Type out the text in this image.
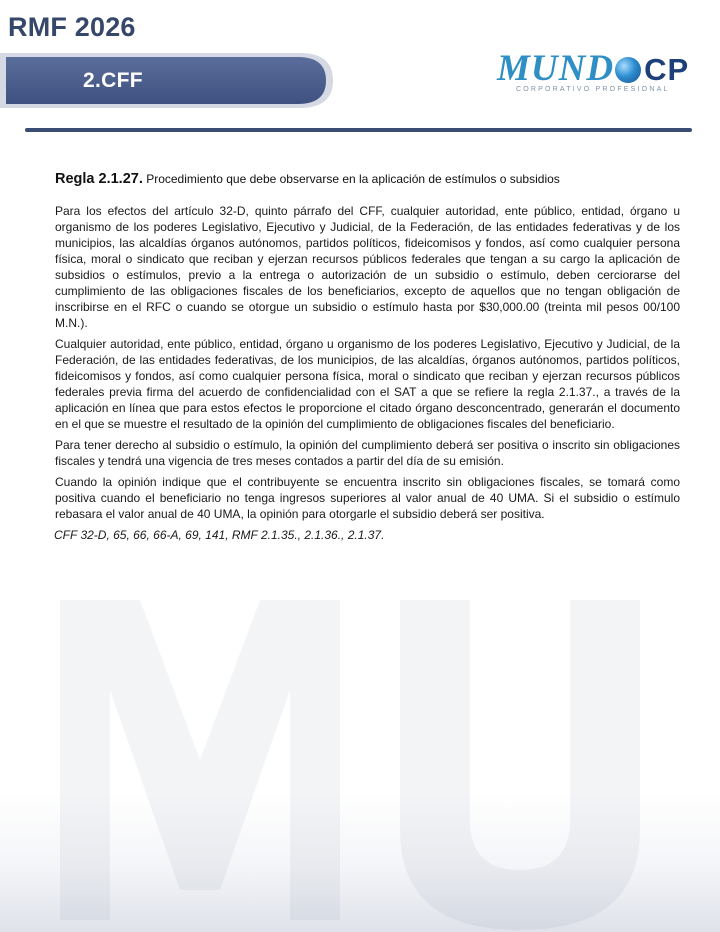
RMF 2026
2.CFF	MUND CP
CORPORATIVO PROFESIONAL

Regla 2.1.27. Procedimiento que debe observarse en la aplicación de estímulos o subsidios

Para los efectos del artículo 32-D, quinto párrafo del CFF, cualquier autoridad, ente público, entidad, órgano u organismo de los poderes Legislativo, Ejecutivo y Judicial, de la Federación, de las entidades federativas y de los municipios, las alcaldías órganos autónomos, partidos políticos, fideicomisos y fondos, así como cualquier persona física, moral o sindicato que reciban y ejerzan recursos públicos federales que tengan a su cargo la aplicación de subsidios o estímulos, previo a la entrega o autorización de un subsidio o estímulo, deben cerciorarse del cumplimiento de las obligaciones fiscales de los beneficiarios, excepto de aquellos que no tengan obligación de inscribirse en el RFC o cuando se otorgue un subsidio o estímulo hasta por $30,000.00 (treinta mil pesos 00/100 M.N.).

Cualquier autoridad, ente público, entidad, órgano u organismo de los poderes Legislativo, Ejecutivo y Judicial, de la Federación, de las entidades federativas, de los municipios, de las alcaldías, órganos autónomos, partidos políticos, fideicomisos y fondos, así como cualquier persona física, moral o sindicato que reciban y ejerzan recursos públicos federales previa firma del acuerdo de confidencialidad con el SAT a que se refiere la regla 2.1.37., a través de la aplicación en línea que para estos efectos le proporcione el citado órgano desconcentrado, generarán el documento en el que se muestre el resultado de la opinión del cumplimiento de obligaciones fiscales del beneficiario.

Para tener derecho al subsidio o estímulo, la opinión del cumplimiento deberá ser positiva o inscrito sin obligaciones fiscales y tendrá una vigencia de tres meses contados a partir del día de su emisión.

Cuando la opinión indique que el contribuyente se encuentra inscrito sin obligaciones fiscales, se tomará como positiva cuando el beneficiario no tenga ingresos superiores al valor anual de 40 UMA. Si el subsidio o estímulo rebasara el valor anual de 40 UMA, la opinión para otorgarle el subsidio deberá ser positiva.

CFF 32-D, 65, 66, 66-A, 69, 141, RMF 2.1.35., 2.1.36., 2.1.37.
